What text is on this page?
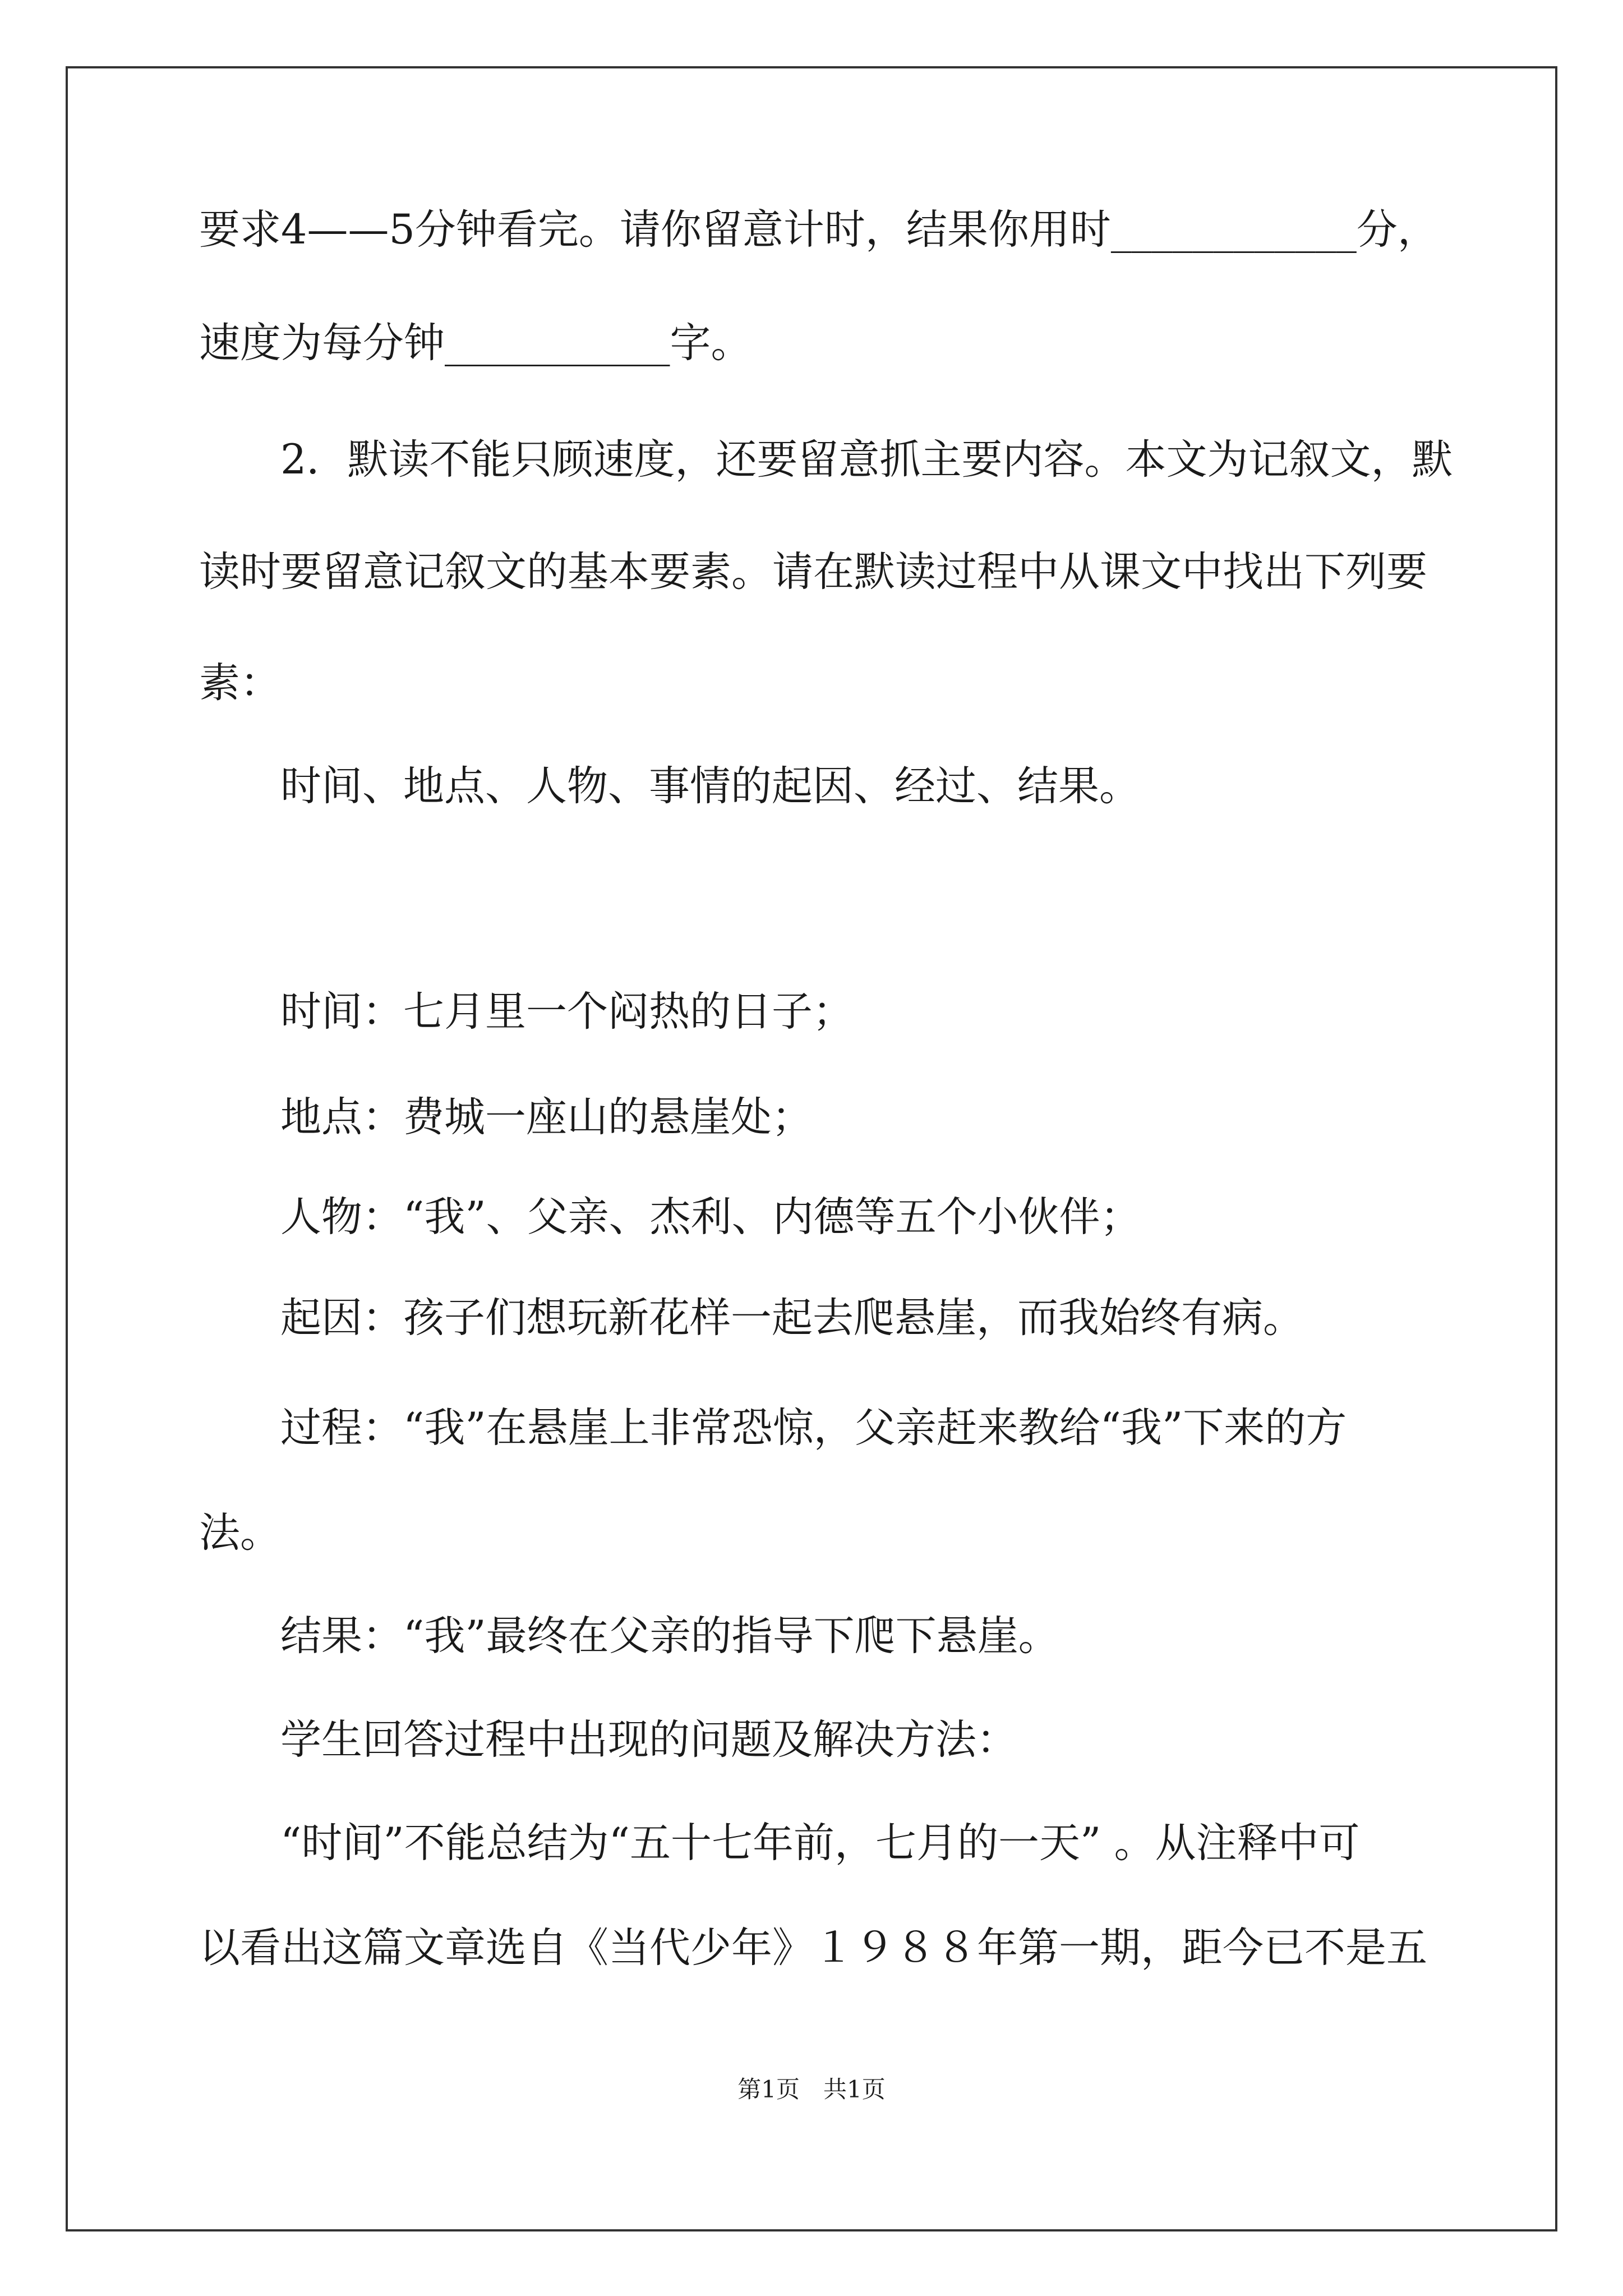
要求4——5分钟看完。请你留意计时，结果你用时____________分，
速度为每分钟___________字。
2．默读不能只顾速度，还要留意抓主要内容。本文为记叙文，默
读时要留意记叙文的基本要素。请在默读过程中从课文中找出下列要
素：
时间、地点、人物、事情的起因、经过、结果。
时间：七月里一个闷热的日子；
地点：费城一座山的悬崖处；
人物：“我”、父亲、杰利、内德等五个小伙伴；
起因：孩子们想玩新花样一起去爬悬崖，而我始终有病。
过程：“我”在悬崖上非常恐惊，父亲赶来教给“我”下来的方
法。
结果：“我”最终在父亲的指导下爬下悬崖。
学生回答过程中出现的问题及解决方法：
“时间”不能总结为“五十七年前，七月的一天” 。从注释中可
以看出这篇文章选自《当代少年》１９８８年第一期，距今已不是五
第1页　共1页
